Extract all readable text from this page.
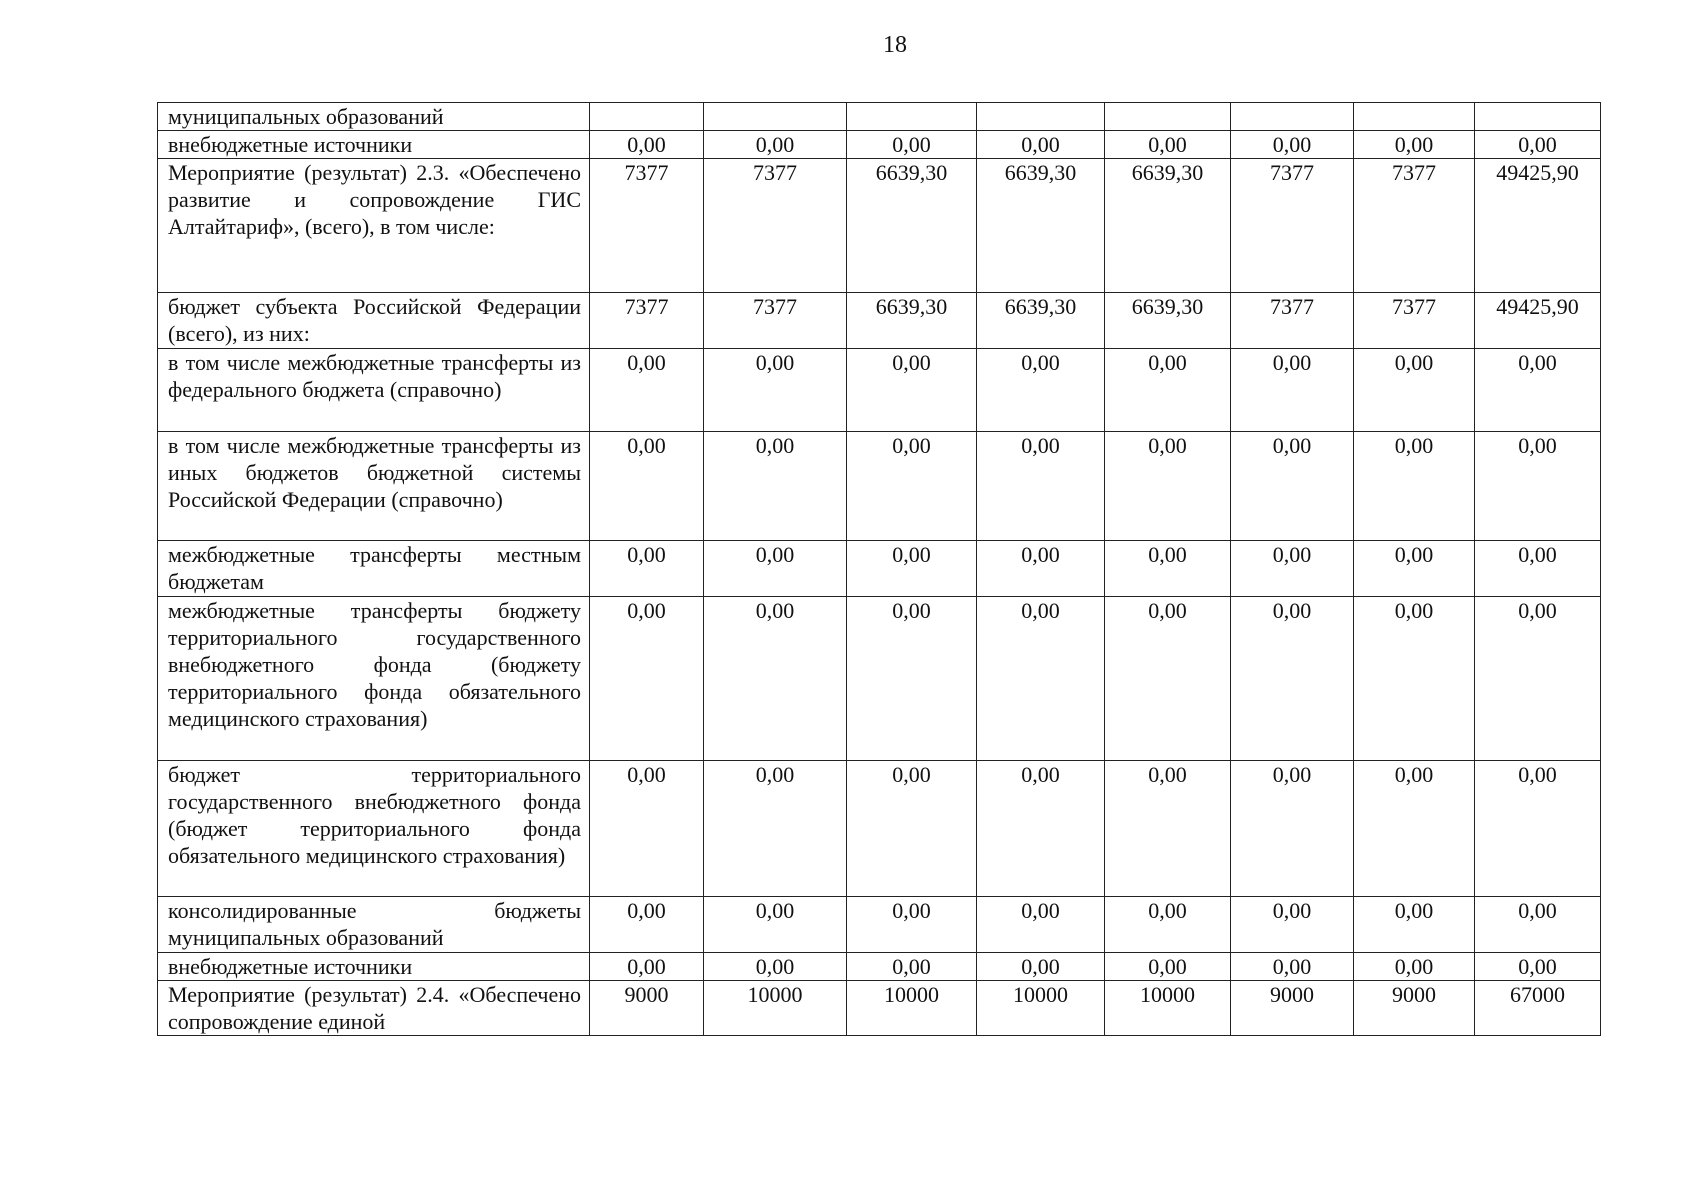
18
муниципальных образований								
внебюджетные источники	0,00	0,00	0,00	0,00	0,00	0,00	0,00	0,00
Мероприятие (результат) 2.3. «Обеспечено развитие и сопровождение ГИС Алтайтариф», (всего), в том числе:	7377	7377	6639,30	6639,30	6639,30	7377	7377	49425,90
бюджет субъекта Российской Федерации (всего), из них:	7377	7377	6639,30	6639,30	6639,30	7377	7377	49425,90
в том числе межбюджетные трансферты из федерального бюджета (справочно)	0,00	0,00	0,00	0,00	0,00	0,00	0,00	0,00
в том числе межбюджетные трансферты из иных бюджетов бюджетной системы Российской Федерации (справочно)	0,00	0,00	0,00	0,00	0,00	0,00	0,00	0,00
межбюджетные трансферты местным бюджетам	0,00	0,00	0,00	0,00	0,00	0,00	0,00	0,00
межбюджетные трансферты бюджету территориального государственного внебюджетного фонда (бюджету территориального фонда обязательного медицинского страхования)	0,00	0,00	0,00	0,00	0,00	0,00	0,00	0,00
бюджет территориального государственного внебюджетного фонда (бюджет территориального фонда обязательного медицинского страхования)	0,00	0,00	0,00	0,00	0,00	0,00	0,00	0,00
консолидированные бюджеты муниципальных образований	0,00	0,00	0,00	0,00	0,00	0,00	0,00	0,00
внебюджетные источники	0,00	0,00	0,00	0,00	0,00	0,00	0,00	0,00
Мероприятие (результат) 2.4. «Обеспечено сопровождение единой	9000	10000	10000	10000	10000	9000	9000	67000
